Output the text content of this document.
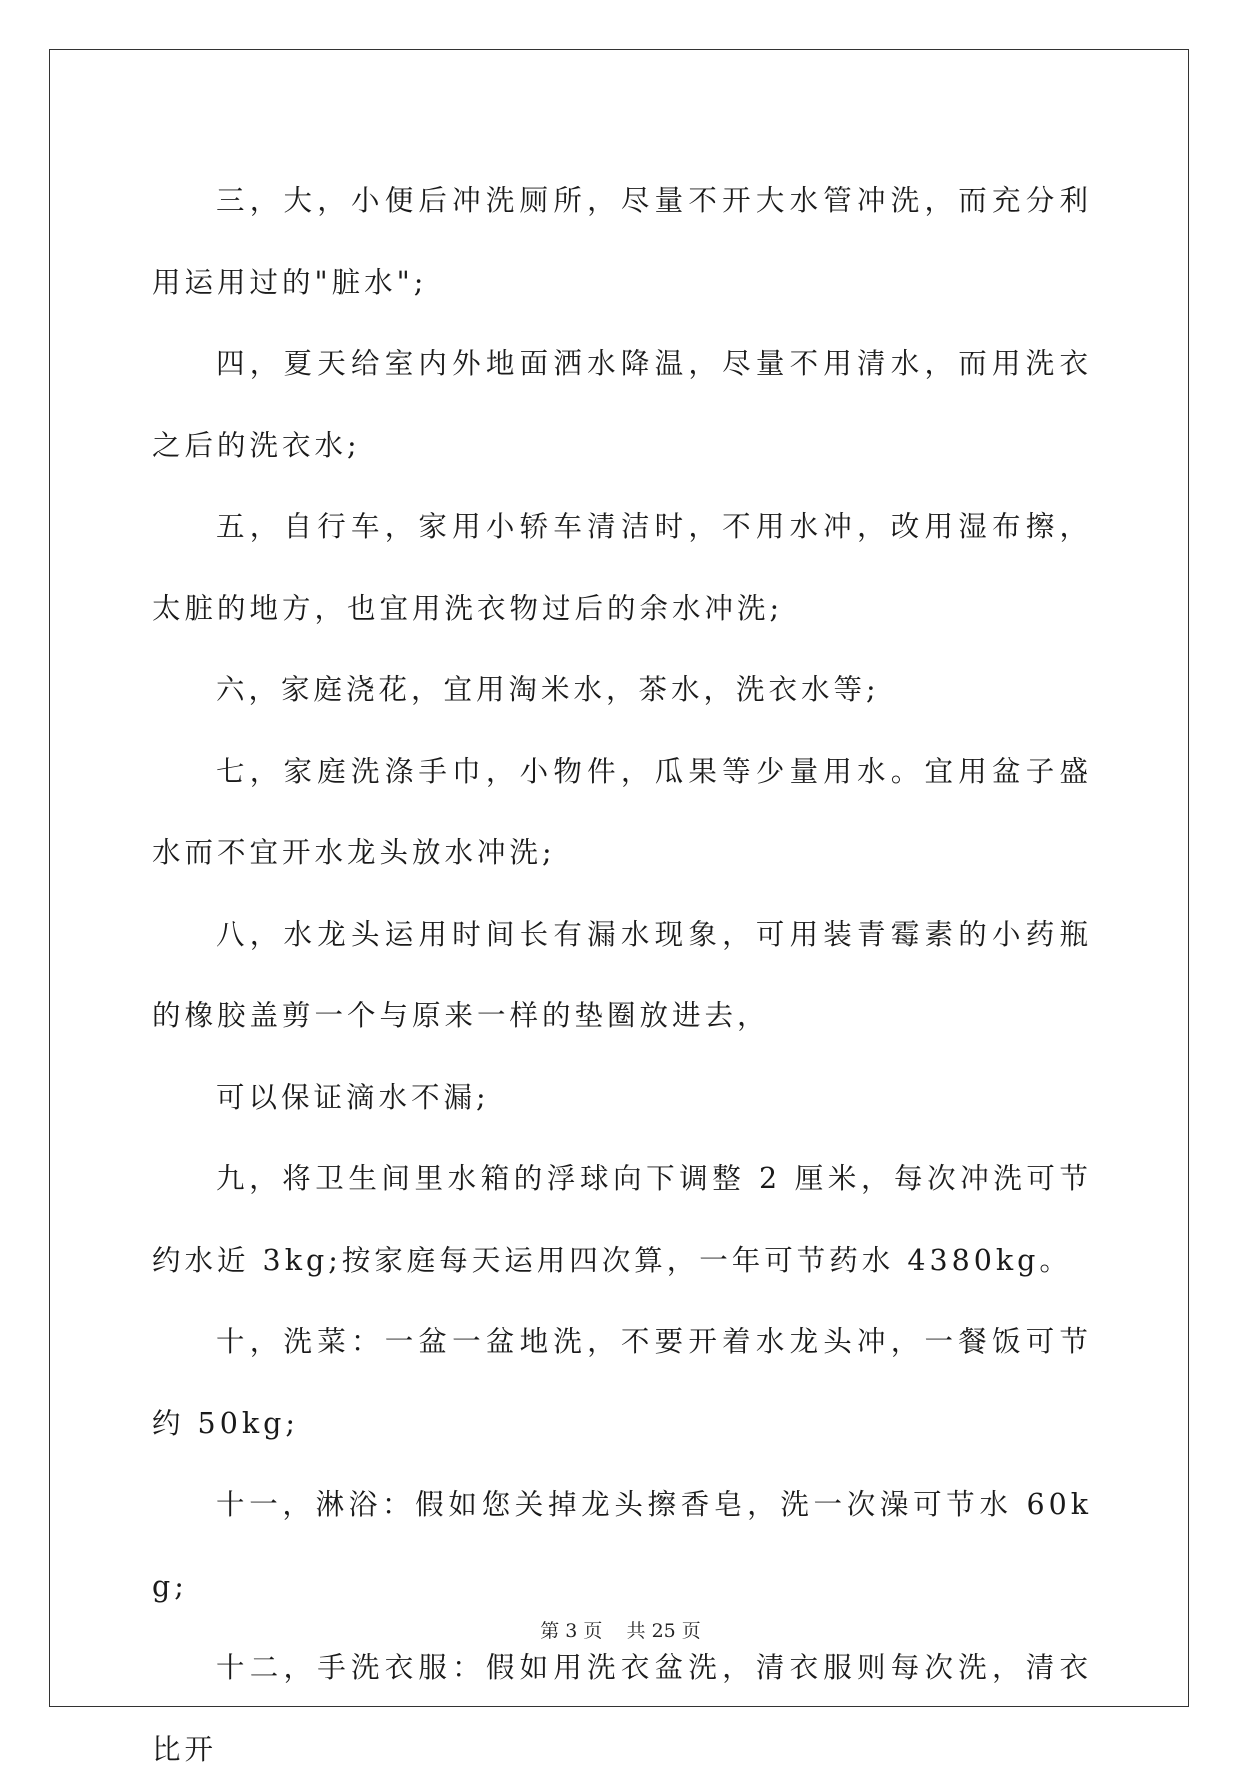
三，大，小便后冲洗厕所，尽量不开大水管冲洗，而充分利用运用过的"脏水";

四，夏天给室内外地面洒水降温，尽量不用清水，而用洗衣之后的洗衣水;

五，自行车，家用小轿车清洁时，不用水冲，改用湿布擦，太脏的地方，也宜用洗衣物过后的余水冲洗;

六，家庭浇花，宜用淘米水，茶水，洗衣水等;

七，家庭洗涤手巾，小物件，瓜果等少量用水。宜用盆子盛水而不宜开水龙头放水冲洗;

八，水龙头运用时间长有漏水现象，可用装青霉素的小药瓶的橡胶盖剪一个与原来一样的垫圈放进去，

可以保证滴水不漏;

九，将卫生间里水箱的浮球向下调整 2 厘米，每次冲洗可节约水近 3kg;按家庭每天运用四次算，一年可节药水 4380kg。

十，洗菜：一盆一盆地洗，不要开着水龙头冲，一餐饭可节约 50kg;

十一，淋浴：假如您关掉龙头擦香皂，洗一次澡可节水 60kg;

十二，手洗衣服：假如用洗衣盆洗，清衣服则每次洗，清衣比开

第 3 页    共 25 页
